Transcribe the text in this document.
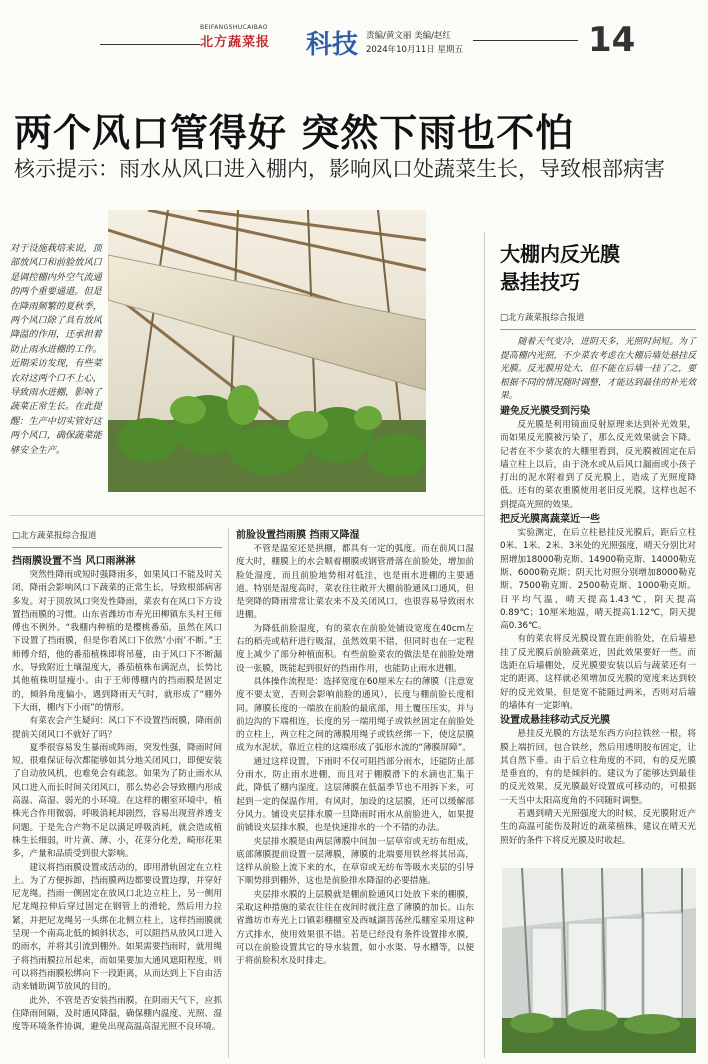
BEIFANGSHUCAIBAO
北方蔬菜报 科技 责编/黄文丽 美编/赵红
2024年10月11日 星期五	14
两个风口管得好 突然下雨也不怕
核示提示：雨水从风口进入棚内，影响风口处蔬菜生长，导致根部病害
对于设施栽培来说，顶部放风口和前脸放风口是调控棚内外空气流通的两个重要通道。但是在降雨频繁的夏秋季，两个风口除了具有放风降温的作用，还承担着防止雨水进棚的工作。近期采访发现，有些菜农对这两个口不上心，导致雨水进棚，影响了蔬菜正常生长。在此提醒：生产中切实管好这两个风口，确保蔬菜能够安全生产。

□北方蔬菜报综合报道

挡雨膜设置不当 风口雨淋淋

突然性降雨或短时强降雨多，如果风口不能及时关闭，降雨会影响风口下蔬菜的正常生长，导致根部病害多发。对于顶放风口突发性降雨，菜农有在风口下方设置挡雨膜的习惯。山东省潍坊市寿光田柳镇东头村王师傅也不例外。“我棚内种植的是樱桃番茄，虽然在风口下设置了挡雨膜，但是你看风口下依然‘小雨’不断。”王师傅介绍，他的番茄植株即将吊蔓，由于风口下不断漏水，导致附近土壤湿度大，番茄植株布满泥点，长势比其他植株明显瘦小。由于王师傅棚内的挡雨膜是固定的，倾斜角度偏小，遇到降雨天气时，就形成了“棚外下大雨，棚内下小雨”的情形。

有菜农会产生疑问：风口下不设置挡雨膜，降雨前提前关闭风口不就好了吗？

夏季很容易发生暴雨或阵雨，突发性强，降雨时间短，很难保证每次都能够如其分地关闭风口，即便安装了自动放风机，也难免会有疏忽。如果为了防止雨水从风口进入而长时间关闭风口，那么势必会导致棚内形成高温、高湿、弱光的小环境。在这样的棚室环境中，植株光合作用微弱，呼吸消耗却剧烈，容易出现营养透支问题。于是先合产物不足以满足呼吸消耗，就会造成植株生长细弱，叶片黄、薄、小，花芽分化差，畸形花果多，产量和品质受到很大影响。

建议将挡雨膜设置成活动的，即用滑轨固定在立柱上。为了方便拆卸，挡雨膜两边都要设置边撑，并穿好尼龙绳。挡雨一侧固定在放风口北边立柱上，另一侧用尼龙绳拉伸后穿过固定在钢管上的滑轮，然后用力拉紧，并把尼龙绳另一头绑在北侧立柱上，这样挡雨膜就呈现一个南高北低的倾斜状态，可以阻挡从放风口进入的雨水，并将其引流到棚外。如果需要挡雨时，就用绳子将挡雨膜拉吊起来，而如果要加大通风遮阳程度，则可以将挡雨膜松绑向下一段距离，从而达到上下自由活动来辅助调节放风的目的。

此外，不管是否安装挡雨膜，在阴雨天气下，应抓住降雨间隔，及时通风降温，确保棚内温度、光照、湿度等环境条件协调，避免出现高温高湿光照不良环境。

前脸设置挡雨膜 挡雨又降湿

不管是温室还是拱棚，都具有一定的弧度。而在前风口湿度大时，棚膜上的水会顺着棚膜或钢管滑落在前脸处，增加前脸处湿度，而且前脸地势相对低洼，也是雨水进棚的主要通道。特别是湿度高时，菜农往往敞开大棚前脸通风口通风，但是突降的降雨常常让菜农来不及关闭风口，也很容易导致雨水进棚。

为降低前脸湿度，有的菜农在前脸处铺设宽度在40cm左右的稻壳或秸秆进行吸湿，虽然效果不错，但同时也在一定程度上减少了部分种植面积。有些前脸菜农的做法是在前脸处增设一张膜，既能起到很好的挡雨作用，也能防止雨水进棚。

具体操作流程是：选择宽度在60厘米左右的薄膜（注意宽度不要太宽，否则会影响前脸的通风），长度与棚前脸长度相同。薄膜长度的一端放在前脸的最底部，用土覆压压实，并与前边沟的下端相连，长度的另一端用绳子或铁丝固定在前脸处的立柱上，两立柱之间的薄膜用绳子或铁丝绑一下，使这层膜成为水泥状，靠近立柱的这端形成了弧形水流的“薄膜屏障”。

通过这样设置，下雨时不仅可阻挡部分雨水，还能防止部分雨水，防止雨水进棚，而且对于棚膜滑下的水滴也汇集于此，降低了棚内湿度。这层薄膜在低温季节也不用拆下来，可起到一定的保温作用。有风时，加设的这层膜，还可以缓解部分风力。铺设夹层排水膜一旦降雨时雨水从前脸进入，如果提前铺设夹层排水膜，也是快速排水的一个不错的办法。

夹层排水膜是由两层薄膜中间加一层草帘或无纺布组成，底部薄膜提前设置一层薄膜，薄膜的北端要用铁丝将其吊高，这样从前脸上流下来的水，在草帘或无纺布等吸水夹层的引导下顺势排到棚外，这也是前脸排水降湿的必要措施。

夹层排水膜的上层膜就是棚前脸通风口处放下来的棚膜，采取这种措施的菜农往往在夜间时就注意了薄膜的加长。山东省潍坊市寿光上口镇彩棚棚室及西城湖菩荡丝瓜棚室采用这种方式排水，使用效果很不错。若是已经没有条件设置排水膜，可以在前脸设置其它的导水装置，如小水渠、导水槽等，以便于将前脸积水及时排走。

大棚内反光膜
悬挂技巧

□北方蔬菜报综合报道

随着天气变冷，进阴天多，光照时间短。为了提高棚内光照，不少菜农考虑在大棚后墙处悬挂反光膜。反光膜用处大，但不能在后墙一挂了之，要根据不同的情况随时调整，才能达到最佳的补光效果。

避免反光膜受到污染

反光膜是利用镜面反射原理来达到补光效果，而如果反光膜被污染了，那么反光效果就会下降。记者在不少菜农的大棚里看到，反光膜被固定在后墙立柱上以后，由于浇水或从后风口漏雨或小孩子打出的泥水附着到了反光膜上，造成了光照度降低。还有的菜农重膜使用老旧反光膜，这样也起不到提高光照的效果。

把反光膜离蔬菜近一些

实验测定，在后立柱悬挂反光膜后，距后立柱0米、1米、2米、3米处的光照强度，晴天分别比对照增加18000勒克斯、14900勒克斯、14000勒克斯、6000勒克斯；阴天比对照分别增加8000勒克斯、7500勒克斯、2500勒克斯、1000勒克斯。日平均气温，晴天提高1.43℃，阴天提高0.89℃；10厘米地温，晴天提高1.12℃，阴天提高0.36℃。

有的菜农将反光膜设置在距前脸处，在后墙悬挂了反光膜后前脸蔬菜近，因此效果要好一些。而选距在后墙棚处，反光膜要安装以后与蔬菜还有一定的距离，这样就必须增加反光膜的宽度来达到较好的反光效果，但是宽不能随过两米，否则对后墙的墙体有一定影响。

设置成悬挂移动式反光膜

悬挂反光膜的方法是东西方向拉铁丝一根，将膜上端折回，包合铁丝，然后用透明胶布固定，让其自然下垂。由于后立柱角度的不同，有的反光膜是垂直的，有的是倾斜的。建议为了能够达到最佳的反光效果，反光膜最好设置成可移动的，可根据一天当中太阳高度角的不同随时调整。

若遇到晴天光照强度大的时候，反光膜附近产生的高温可能伤及附近的蔬菜植株，建议在晴天光照好的条件下将反光膜及时收起。
